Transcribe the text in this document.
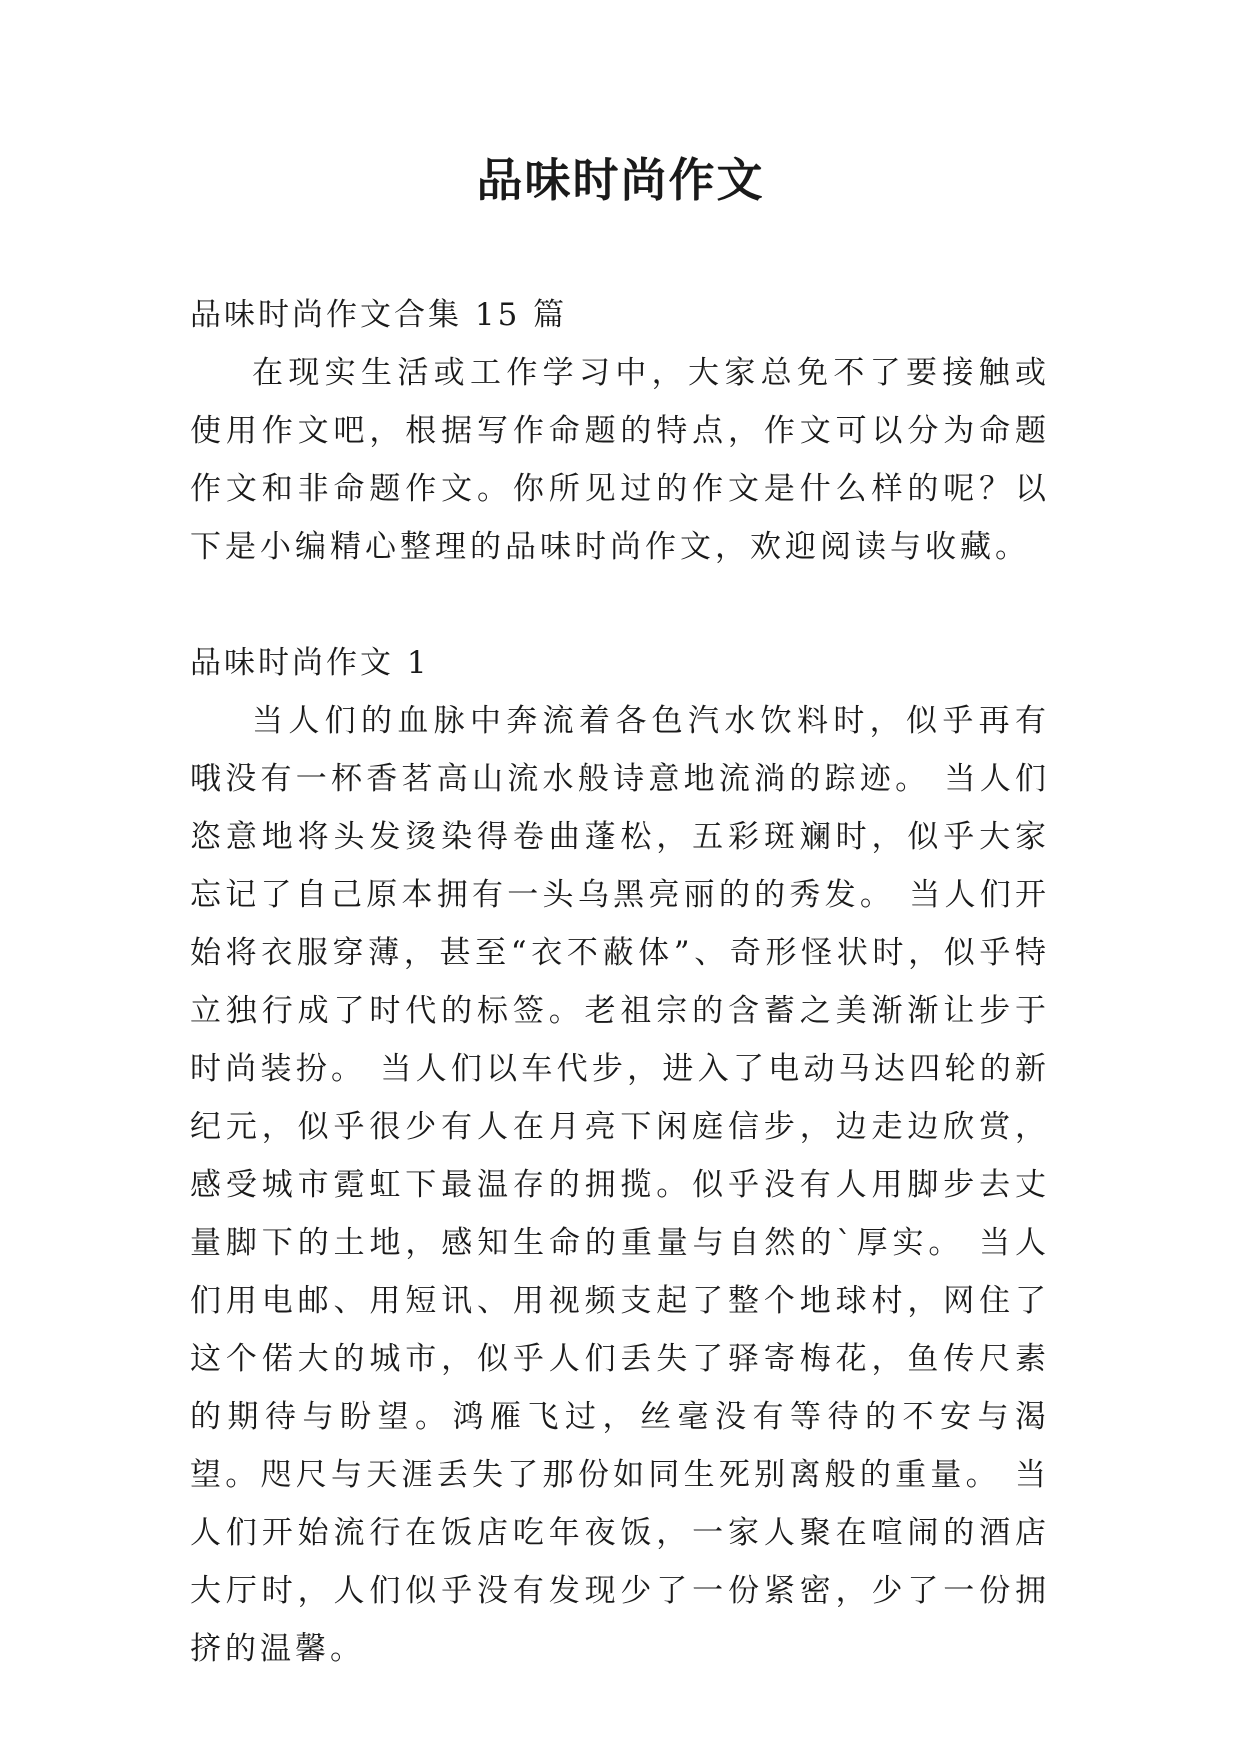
品味时尚作文

品味时尚作文合集 15 篇

在现实生活或工作学习中，大家总免不了要接触或使用作文吧，根据写作命题的特点，作文可以分为命题作文和非命题作文。你所见过的作文是什么样的呢？以下是小编精心整理的品味时尚作文，欢迎阅读与收藏。

品味时尚作文 1

当人们的血脉中奔流着各色汽水饮料时，似乎再有哦没有一杯香茗高山流水般诗意地流淌的踪迹。 当人们恣意地将头发烫染得卷曲蓬松，五彩斑斓时，似乎大家忘记了自己原本拥有一头乌黑亮丽的的秀发。 当人们开始将衣服穿薄，甚至“衣不蔽体”、奇形怪状时，似乎特立独行成了时代的标签。老祖宗的含蓄之美渐渐让步于时尚装扮。 当人们以车代步，进入了电动马达四轮的新纪元，似乎很少有人在月亮下闲庭信步，边走边欣赏，感受城市霓虹下最温存的拥揽。似乎没有人用脚步去丈量脚下的土地，感知生命的重量与自然的`厚实。 当人们用电邮、用短讯、用视频支起了整个地球村，网住了这个偌大的城市，似乎人们丢失了驿寄梅花，鱼传尺素的期待与盼望。鸿雁飞过，丝毫没有等待的不安与渴望。咫尺与天涯丢失了那份如同生死别离般的重量。 当人们开始流行在饭店吃年夜饭，一家人聚在喧闹的酒店大厅时，人们似乎没有发现少了一份紧密，少了一份拥挤的温馨。
